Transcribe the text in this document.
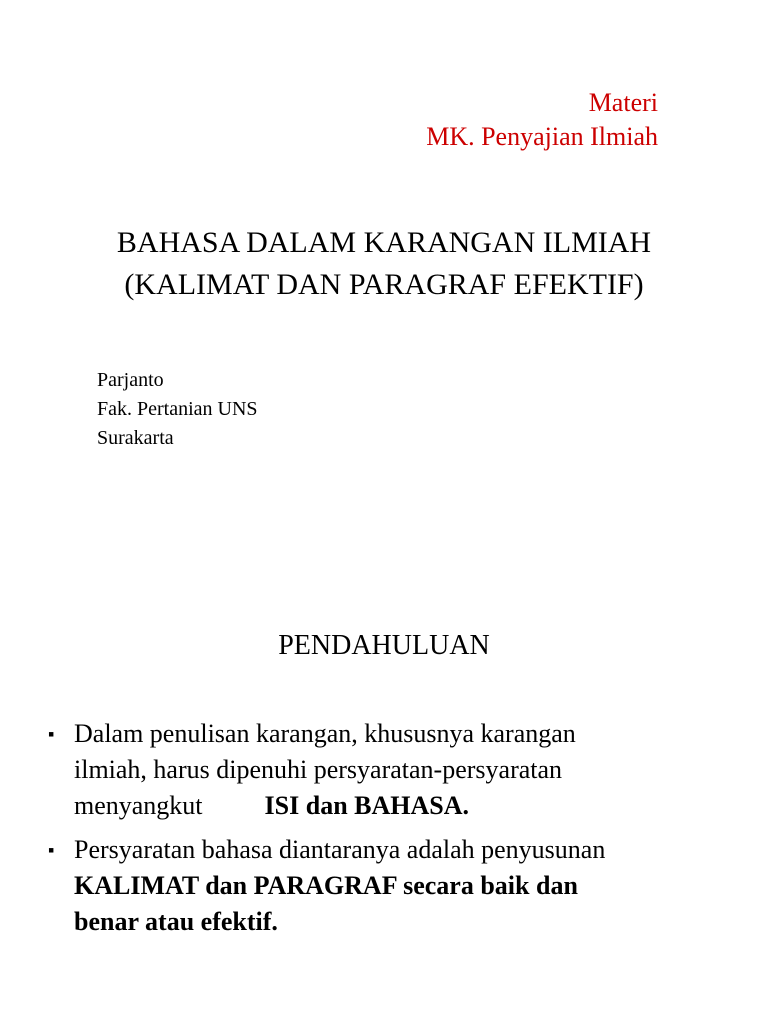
Materi
MK. Penyajian Ilmiah
BAHASA DALAM KARANGAN ILMIAH
(KALIMAT DAN PARAGRAF EFEKTIF)
Parjanto
Fak. Pertanian UNS
Surakarta
PENDAHULUAN
▪ Dalam penulisan karangan, khususnya karangan
ilmiah, harus dipenuhi persyaratan-persyaratan
menyangkut ISI dan BAHASA.
▪ Persyaratan bahasa diantaranya adalah penyusunan
KALIMAT dan PARAGRAF secara baik dan
benar atau efektif.
